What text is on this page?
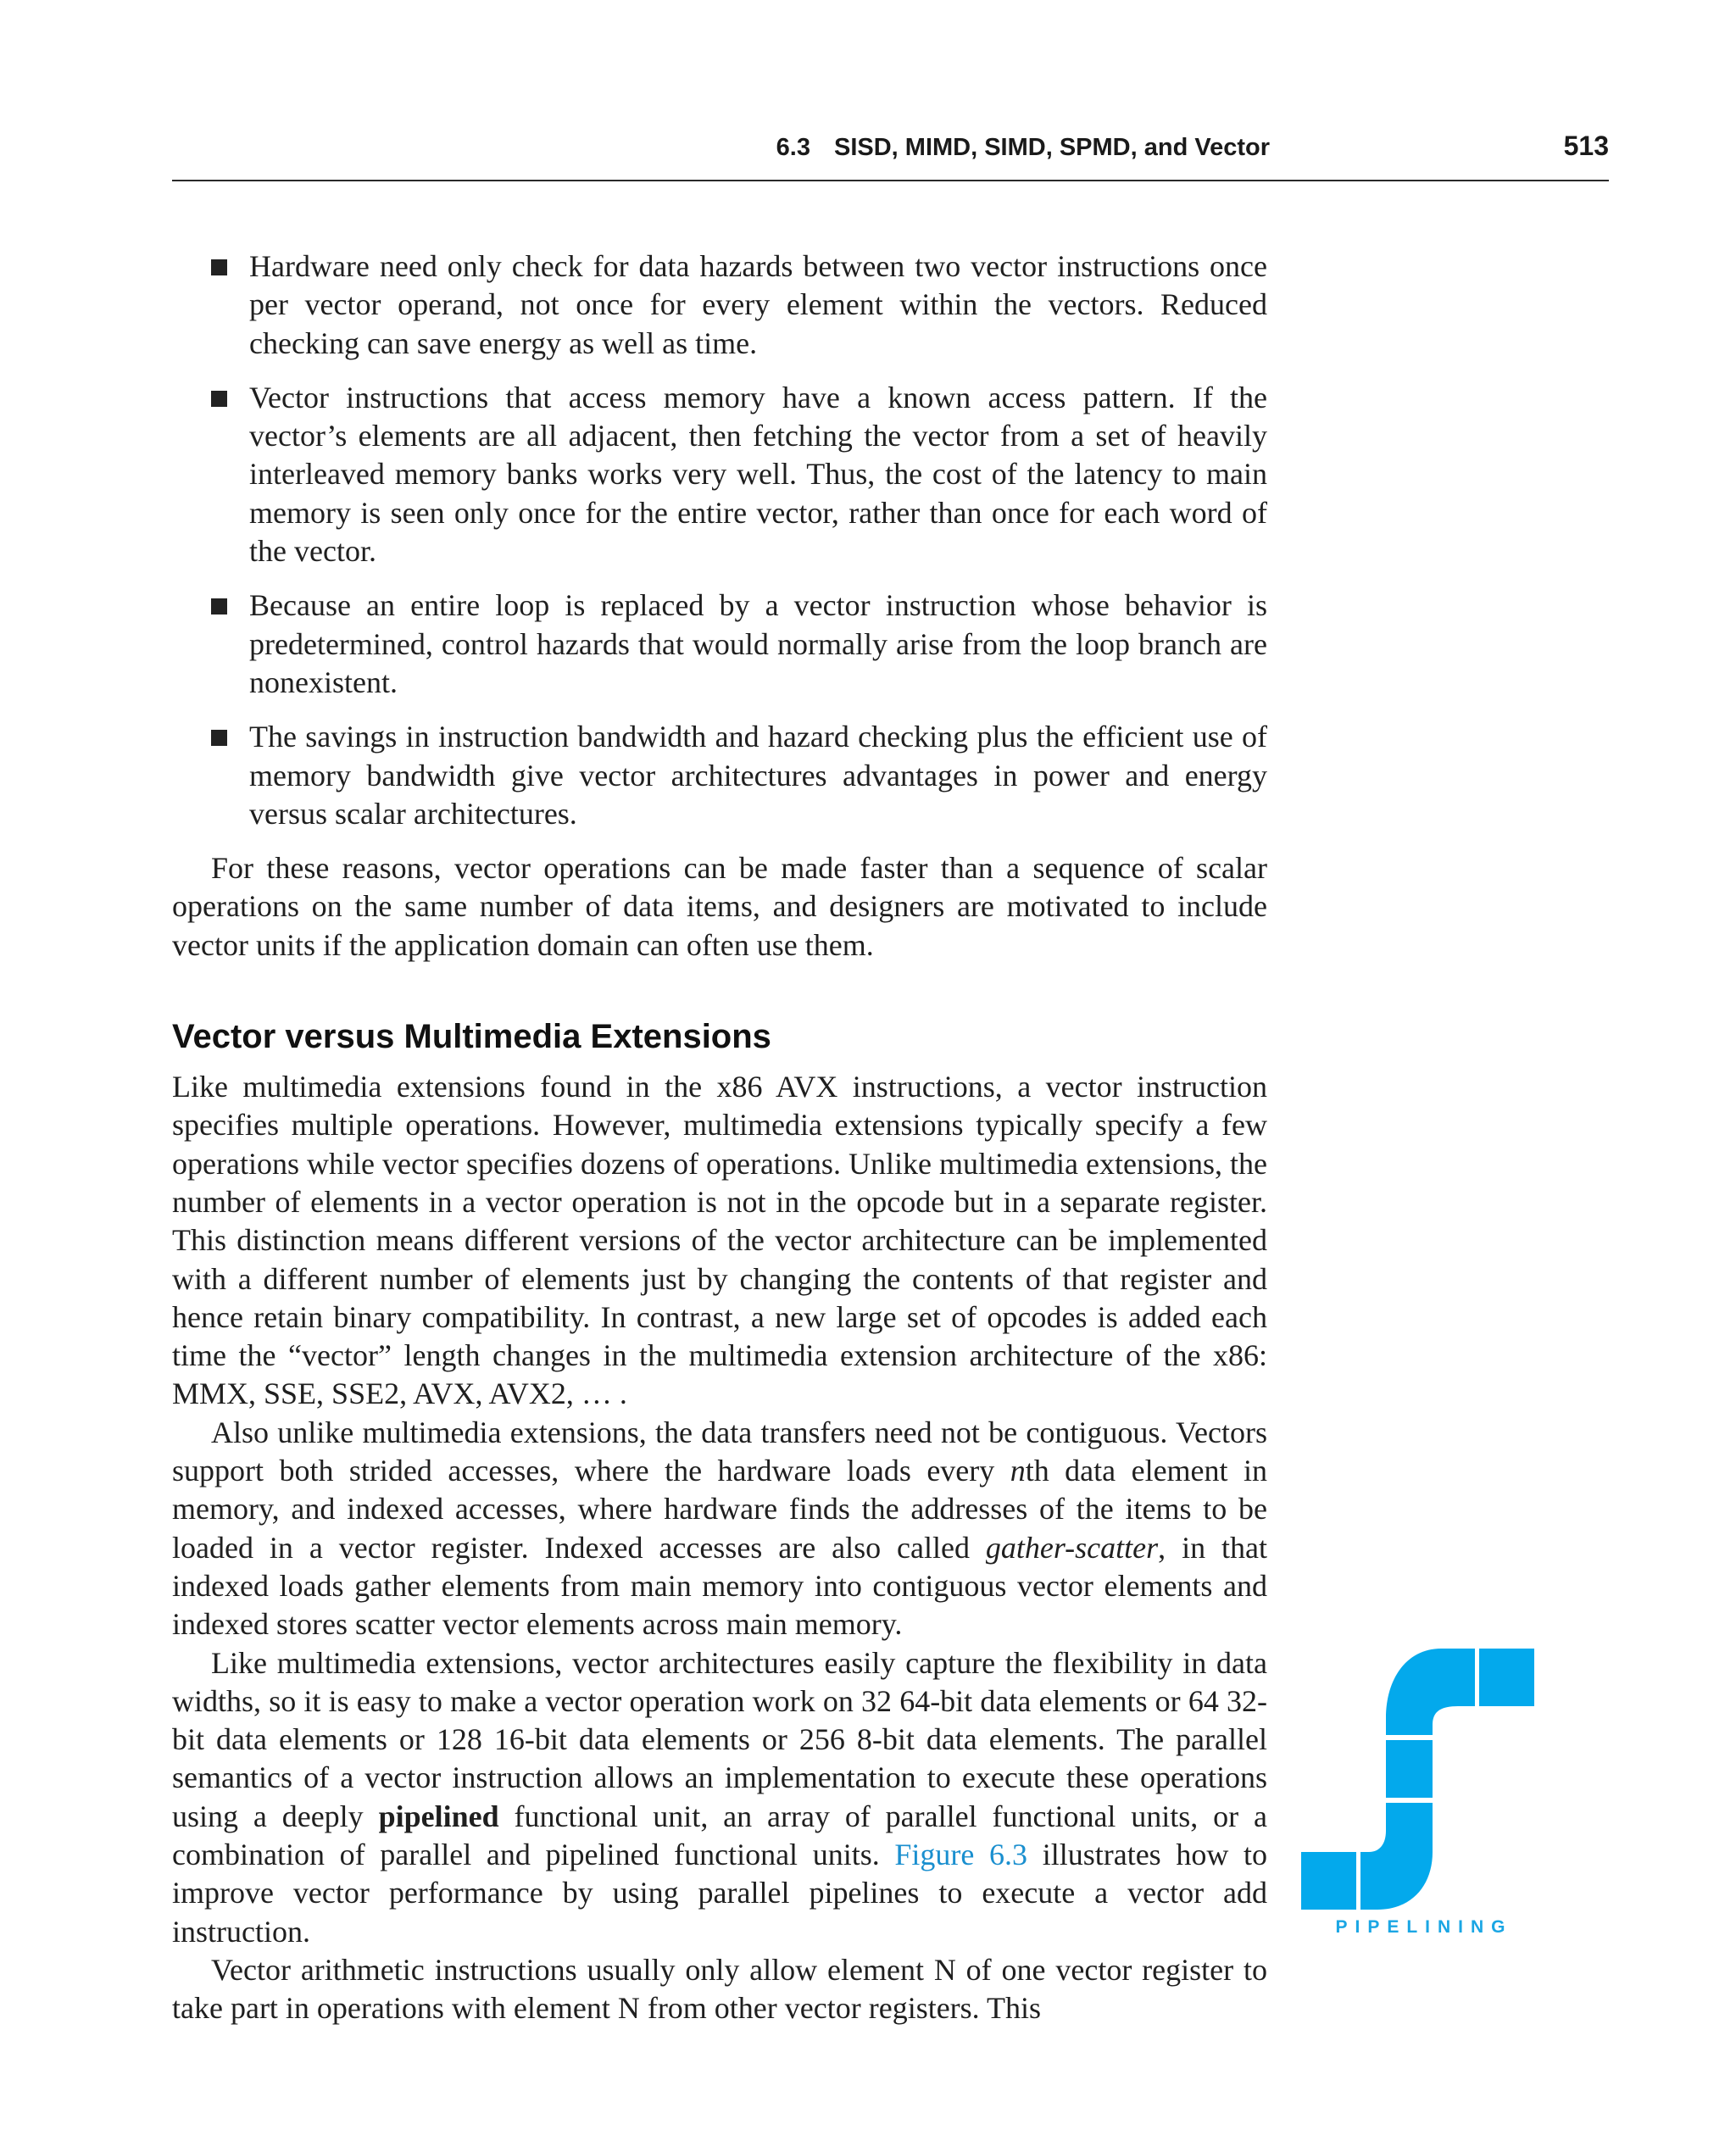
6.3 SISD, MIMD, SIMD, SPMD, and Vector	513
Hardware need only check for data hazards between two vector instructions once per vector operand, not once for every element within the vectors. Reduced checking can save energy as well as time.
Vector instructions that access memory have a known access pattern. If the vector’s elements are all adjacent, then fetching the vector from a set of heavily interleaved memory banks works very well. Thus, the cost of the latency to main memory is seen only once for the entire vector, rather than once for each word of the vector.
Because an entire loop is replaced by a vector instruction whose behavior is predetermined, control hazards that would normally arise from the loop branch are nonexistent.
The savings in instruction bandwidth and hazard checking plus the efficient use of memory bandwidth give vector architectures advantages in power and energy versus scalar architectures.

For these reasons, vector operations can be made faster than a sequence of scalar operations on the same number of data items, and designers are motivated to include vector units if the application domain can often use them.

Vector versus Multimedia Extensions

Like multimedia extensions found in the x86 AVX instructions, a vector instruction specifies multiple operations. However, multimedia extensions typically specify a few operations while vector specifies dozens of operations. Unlike multimedia extensions, the number of elements in a vector operation is not in the opcode but in a separate register. This distinction means different versions of the vector architecture can be implemented with a different number of elements just by changing the contents of that register and hence retain binary compatibility. In contrast, a new large set of opcodes is added each time the “vector” length changes in the multimedia extension architecture of the x86: MMX, SSE, SSE2, AVX, AVX2, … .

Also unlike multimedia extensions, the data transfers need not be contiguous. Vectors support both strided accesses, where the hardware loads every nth data element in memory, and indexed accesses, where hardware finds the addresses of the items to be loaded in a vector register. Indexed accesses are also called gather-scatter, in that indexed loads gather elements from main memory into contiguous vector elements and indexed stores scatter vector elements across main memory.

Like multimedia extensions, vector architectures easily capture the flexibility in data widths, so it is easy to make a vector operation work on 32 64-bit data elements or 64 32-bit data elements or 128 16-bit data elements or 256 8-bit data elements. The parallel semantics of a vector instruction allows an implementation to execute these operations using a deeply pipelined functional unit, an array of parallel functional units, or a combination of parallel and pipelined functional units. Figure 6.3 illustrates how to improve vector performance by using parallel pipelines to execute a vector add instruction.

Vector arithmetic instructions usually only allow element N of one vector register to take part in operations with element N from other vector registers. This

PIPELINING
